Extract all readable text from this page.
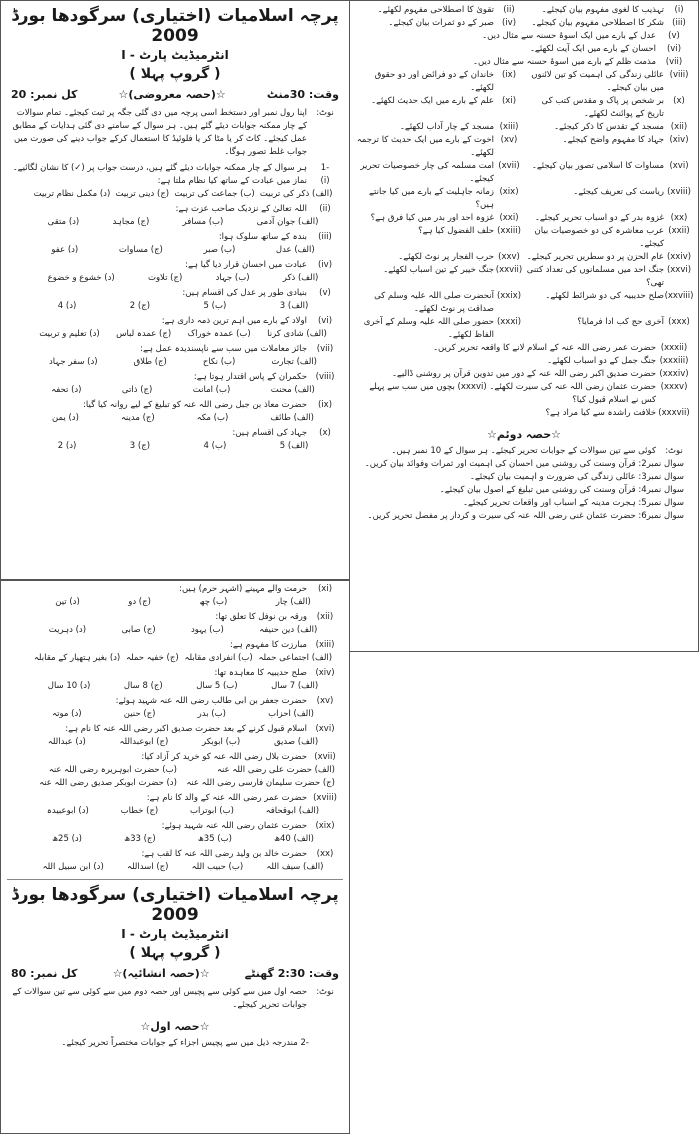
(i)
تہذیب کا لغوی مفہوم بیان کیجئے۔
(ii)
تقویٰ کا اصطلاحی مفہوم لکھئے۔
(iii)
شکر کا اصطلاحی مفہوم بیان کیجئے۔
(iv)
صبر کے دو ثمرات بیان کیجئے۔
(v)
عدل کے بارے میں ایک اسوۂ حسنہ سے مثال دیں۔
(vi)
احسان کے بارے میں ایک آیت لکھئے۔
(vii)
مذمت ظلم کے بارے میں اسوۂ حسنہ سے مثال دیں۔
(viii)
عائلی زندگی کی اہمیت کو تین لائنوں میں بیان کیجئے۔
(ix)
خاندان کے دو فرائض اور دو حقوق لکھئے۔
(x)
بر شخص پر پاک و مقدس کتب کی تاریخ کے پوائنٹ لکھئے۔
(xi)
علم کے بارے میں ایک حدیث لکھئے۔
(xii)
مسجد کے تقدس کا ذکر کیجئے۔
(xiii)
مسجد کے چار آداب لکھئے۔
(xiv)
جہاد کا مفہوم واضح کیجئے۔
(xv)
اخوت کے بارے میں ایک حدیث کا ترجمہ لکھئے۔
(xvi)
مساوات کا اسلامی تصور بیان کیجئے۔
(xvii)
امت مسلمہ کی چار خصوصیات تحریر کیجئے۔
(xviii)
ریاست کی تعریف کیجئے۔
(xix)
زمانہ جاہلیت کے بارے میں کیا جانتے ہیں؟
(xx)
غزوہ بدر کے دو اسباب تحریر کیجئے۔
(xxi)
غزوہ احد اور بدر میں کیا فرق ہے؟
(xxii)
عرب معاشرہ کی دو خصوصیات بیان کیجئے۔
(xxiii)
حلف الفضول کیا ہے؟
(xxiv)
عام الحزن پر دو سطریں تحریر کیجئے۔
(xxv)
حرب الفجار پر نوٹ لکھئے۔
(xxvi)
جنگ احد میں مسلمانوں کی تعداد کتنی تھی؟
(xxvii)
جنگ خیبر کے تین اسباب لکھئے۔
(xxviii)
صلح حدیبیہ کی دو شرائط لکھئے۔
(xxix)
آنحضرت صلی اللہ علیہ وسلم کی صداقت پر نوٹ لکھئے۔
(xxx)
آخری حج کب ادا فرمایا؟
(xxxi)
حضور صلی اللہ علیہ وسلم کے آخری الفاظ لکھئے۔
(xxxii)
حضرت عمر رضی اللہ عنہ کے اسلام لانے کا واقعہ تحریر کریں۔
(xxxiii)
جنگ جمل کے دو اسباب لکھئے۔
(xxxiv)
حضرت صدیق اکبر رضی اللہ عنہ کے دور میں تدوین قرآن پر روشنی ڈالیے۔
(xxxv)
حضرت عثمان رضی اللہ عنہ کی سیرت لکھئے۔ (xxxvi) بچوں میں سب سے پہلے کس نے اسلام قبول کیا؟
(xxxvii)
خلافت راشدہ سے کیا مراد ہے؟
☆حصہ دوئم☆
نوٹ:
کوئی سے تین سوالات کے جوابات تحریر کیجئے۔ ہر سوال کے 10 نمبر ہیں۔
سوال نمبر2: قرآن وسنت کی روشنی میں احسان کی اہمیت اور ثمرات وفوائد بیان کریں۔
سوال نمبر3: عائلی زندگی کی ضرورت و اہمیت بیان کیجئے۔
سوال نمبر4: قرآن وسنت کی روشنی میں تبلیغ کے اصول بیان کیجئے۔
سوال نمبر5: ہجرت مدینہ کے اسباب اور واقعات تحریر کیجئے۔
سوال نمبر6: حضرت عثمان غنی رضی اللہ عنہ کی سیرت و کردار پر مفصل تحریر کریں۔
پرچہ اسلامیات (اختیاری) سرگودھا بورڈ 2009
انٹرمیڈیٹ پارٹ - I
( گروپ پہلا )
وقت: 30منٹ
☆(حصہ معروضی)☆
کل نمبر: 20
نوٹ:
اپنا رول نمبر اور دستخط اسی پرچہ میں دی گئی جگہ پر ثبت کیجئے۔ تمام سوالات کے چار ممکنہ جوابات دیئے گئے ہیں۔ ہر سوال کے سامنے دی گئی ہدایات کے مطابق عمل کیجئے۔ کاٹ کر یا مٹا کر یا فلوئیڈ کا استعمال کرکے جواب دینے کی صورت میں جواب غلط تصور ہوگا۔
-1
ہر سوال کے چار ممکنہ جوابات دیئے گئے ہیں، درست جواب پر (✓) کا نشان لگائیے۔
(i)
نماز میں عبادت کے ساتھ کیا نظام ملتا ہے:
(الف) ذکر کی تربیت
(ب) جماعت کی تربیت
(ج) دینی تربیت
(د) مکمل نظام تربیت
(ii)
اللہ تعالیٰ کے نزدیک صاحب عزت ہے:
(الف) جوان آدمی
(ب) مسافر
(ج) مجاہد
(د) متقی
(iii)
بندہ کے ساتھ سلوک ہوا:
(الف) عدل
(ب) صبر
(ج) مساوات
(د) عفو
(iv)
عبادت میں احسان قرار دیا گیا ہے:
(الف) ذکر
(ب) جہاد
(ج) تلاوت
(د) خشوع و خضوع
(v)
بنیادی طور پر عدل کی اقسام ہیں:
(الف) 3
(ب) 5
(ج) 2
(د) 4
(vi)
اولاد کے بارے میں اہم ترین ذمہ داری ہے:
(الف) شادی کرنا
(ب) عمدہ خوراک
(ج) عمدہ لباس
(د) تعلیم و تربیت
(vii)
جائز معاملات میں سب سے ناپسندیدہ عمل ہے:
(الف) تجارت
(ب) نکاح
(ج) طلاق
(د) سفر جہاد
(viii)
حکمران کے پاس اقتدار ہوتا ہے:
(الف) محنت
(ب) امانت
(ج) ذاتی
(د) تحفہ
(ix)
حضرت معاذ بن جبل رضی اللہ عنہ کو تبلیغ کے لیے روانہ کیا گیا:
(الف) طائف
(ب) مکہ
(ج) مدینہ
(د) یمن
(x)
جہاد کی اقسام ہیں:
(الف) 5
(ب) 4
(ج) 3
(د) 2
(xi)
حرمت والے مہینے (اشہر حرم) ہیں:
(الف) چار
(ب) چھ
(ج) دو
(د) تین
(xii)
ورقہ بن نوفل کا تعلق تھا:
(الف) دین حنیفہ
(ب) یہود
(ج) صابی
(د) دہریت
(xiii)
مبارزت کا مفہوم ہے:
(الف) اجتماعی حملہ
(ب) انفرادی مقابلہ
(ج) خفیہ حملہ
(د) بغیر ہتھیار کے مقابلہ
(xiv)
صلح حدیبیہ کا معاہدہ تھا:
(الف) 7 سال
(ب) 5 سال
(ج) 8 سال
(د) 10 سال
(xv)
حضرت جعفر بن ابی طالب رضی اللہ عنہ شہید ہوئے:
(الف) احزاب
(ب) بدر
(ج) حنین
(د) موتہ
(xvi)
اسلام قبول کرنے کے بعد حضرت صدیق اکبر رضی اللہ عنہ کا نام ہے:
(الف) صدیق
(ب) ابوبکر
(ج) ابوعبداللہ
(د) عبداللہ
(xvii)
حضرت بلال رضی اللہ عنہ کو خرید کر آزاد کیا:
(الف) حضرت علی رضی اللہ عنہ
(ب) حضرت ابوہریرہ رضی اللہ عنہ
(ج) حضرت سلیمان فارسی رضی اللہ عنہ
(د) حضرت ابوبکر صدیق رضی اللہ عنہ
(xviii)
حضرت عمر رضی اللہ عنہ کے والد کا نام ہے:
(الف) ابوقحافہ
(ب) ابوتراب
(ج) خطاب
(د) ابوعبیدہ
(xix)
حضرت عثمان رضی اللہ عنہ شہید ہوئے:
(الف) 40ھ
(ب) 35ھ
(ج) 33ھ
(د) 25ھ
(xx)
حضرت خالد بن ولید رضی اللہ عنہ کا لقب ہے:
(الف) سیف اللہ
(ب) حبیب اللہ
(ج) اسداللہ
(د) ابن سبیل اللہ
پرچہ اسلامیات (اختیاری) سرگودھا بورڈ 2009
انٹرمیڈیٹ پارٹ - I
( گروپ پہلا )
وقت: 2:30 گھنٹے
☆(حصہ انشائیہ)☆
کل نمبر: 80
نوٹ:
حصہ اول میں سے کوئی سے پچیس اور حصہ دوم میں سے کوئی سے تین سوالات کے جوابات تحریر کیجئے۔
☆حصہ اول☆
-2 مندرجہ ذیل میں سے پچیس اجزاء کے جوابات مختصراً تحریر کیجئے۔
